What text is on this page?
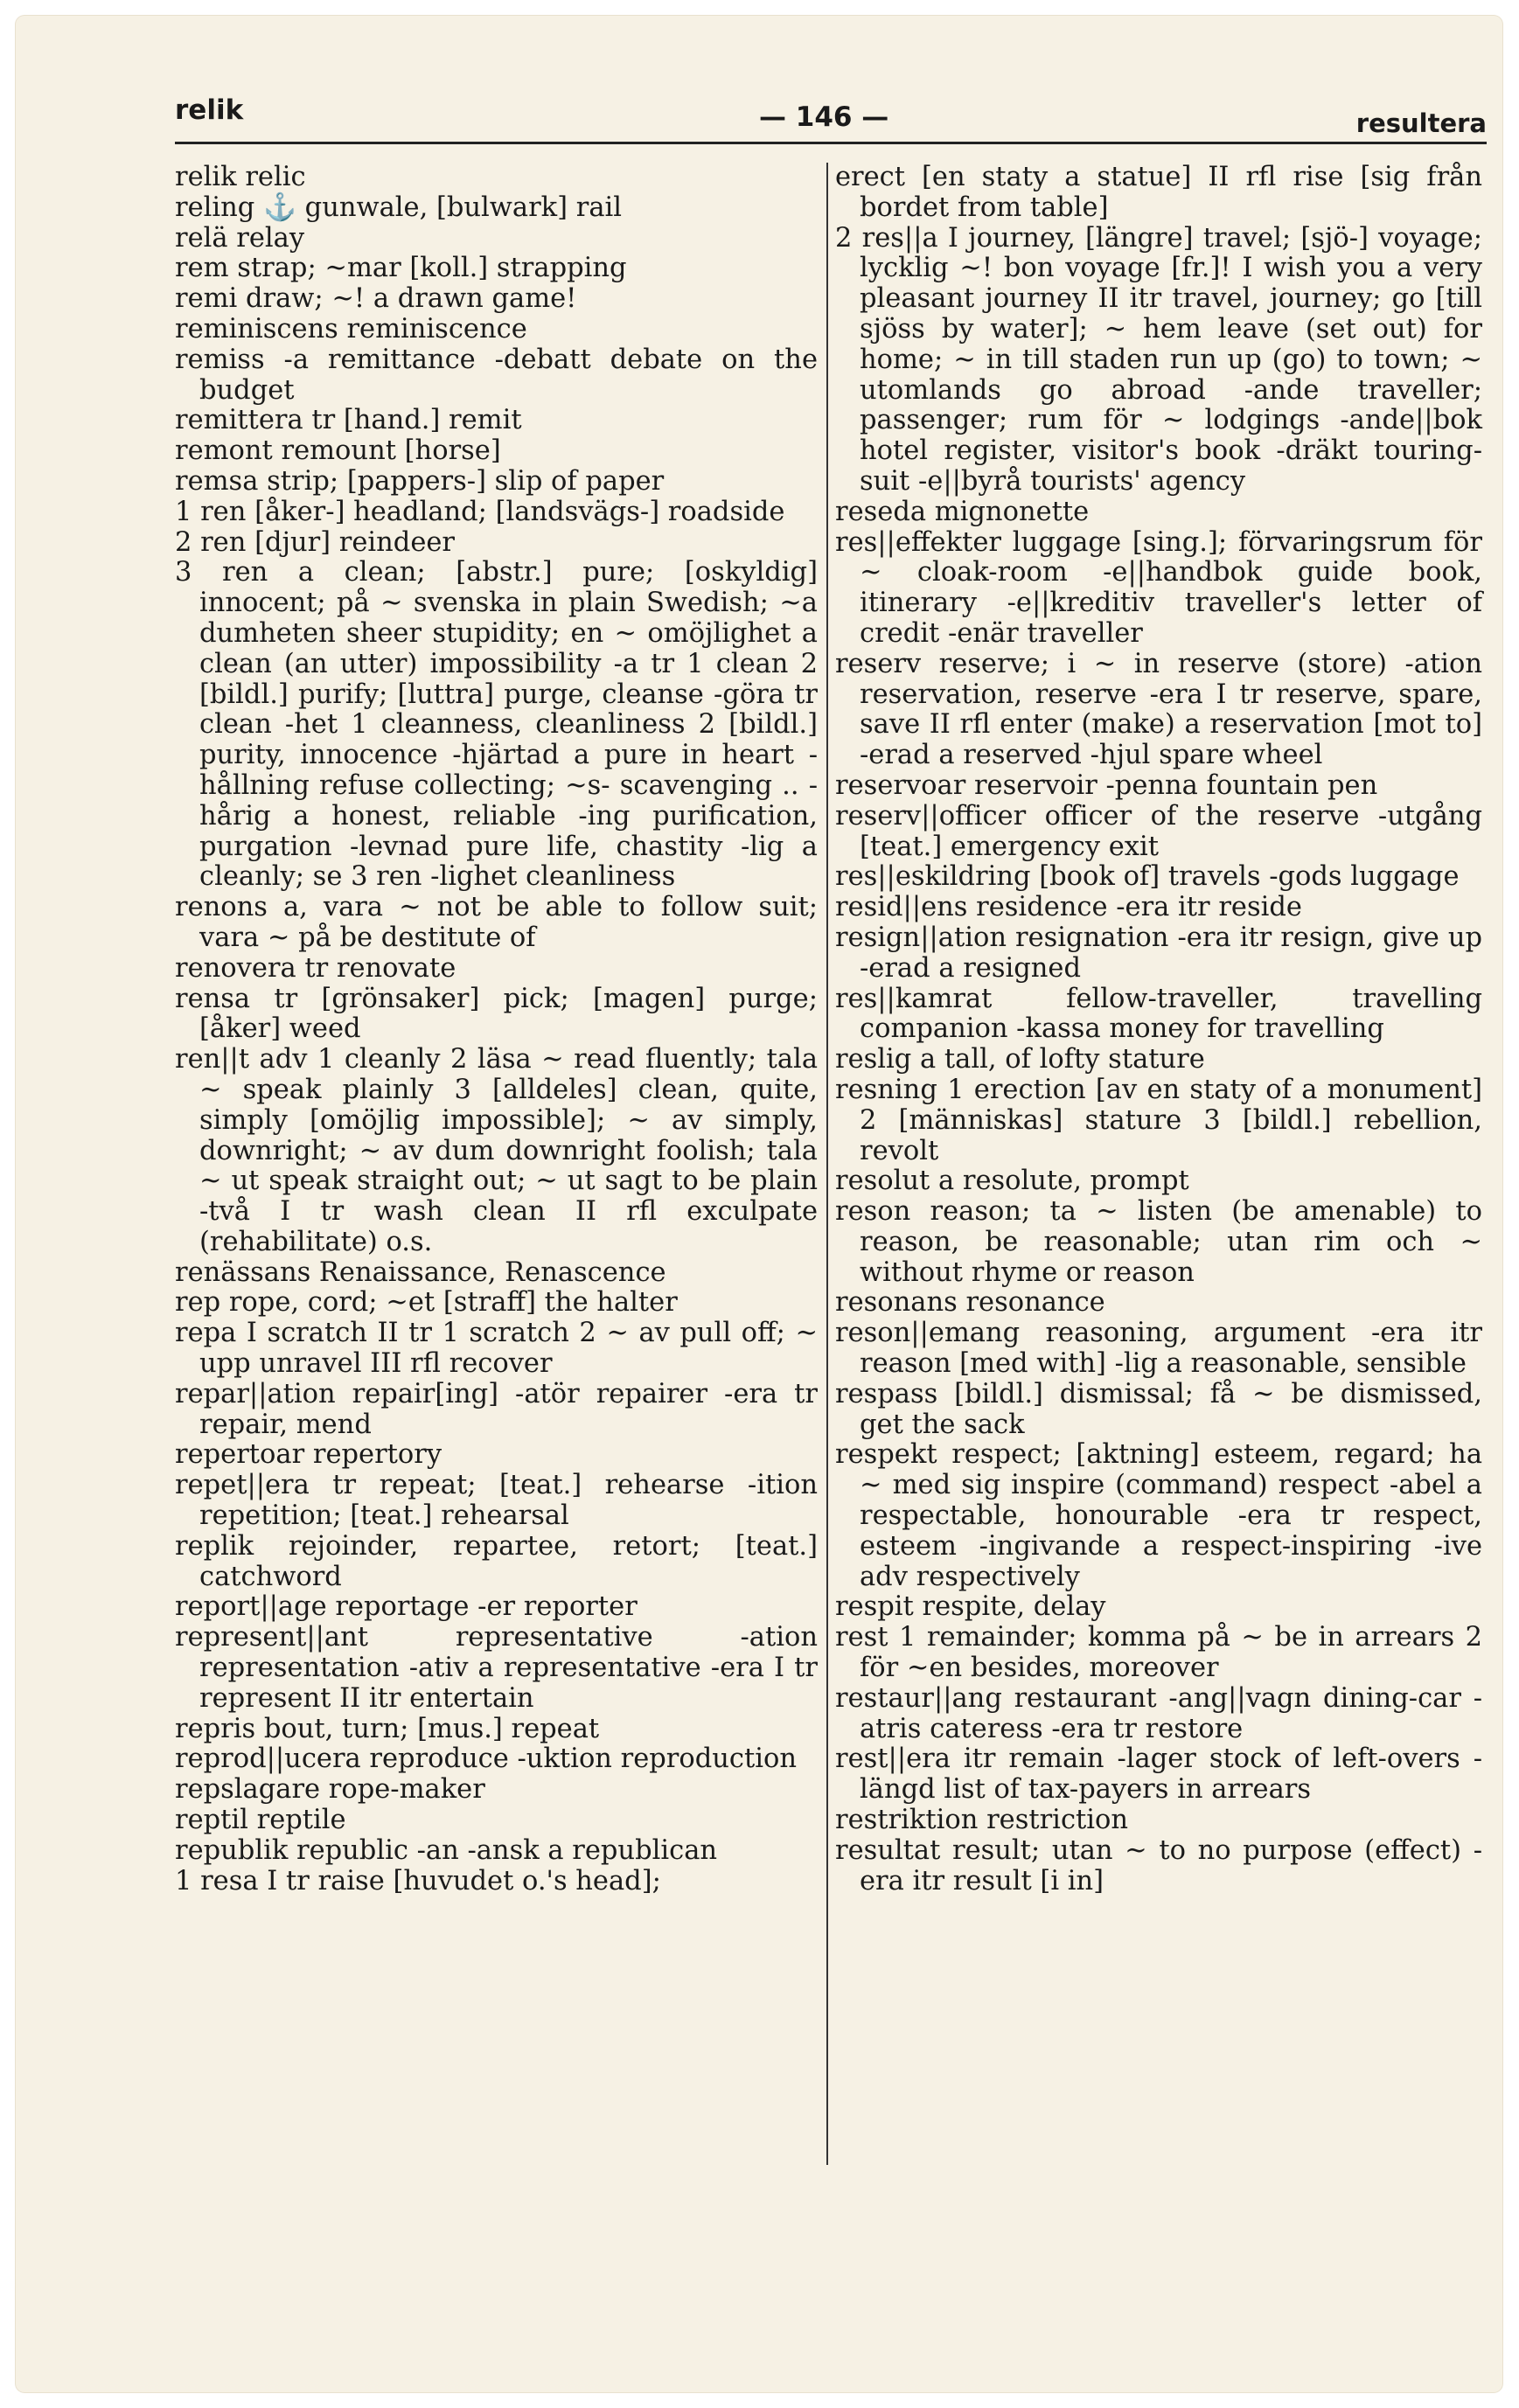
relik	— 146 —	resultera

relik relic

reling ⚓ gunwale, [bulwark] rail

relä relay

rem strap; ~mar [koll.] strapping

remi draw; ~! a drawn game!

reminiscens reminiscence

remiss -a remittance -debatt debate on the budget

remittera tr [hand.] remit

remont remount [horse]

remsa strip; [pappers-] slip of paper

1 ren [åker-] headland; [landsvägs-] roadside

2 ren [djur] reindeer

3 ren a clean; [abstr.] pure; [oskyldig] innocent; på ~ svenska in plain Swedish; ~a dumheten sheer stupidity; en ~ omöjlighet a clean (an utter) impossibility -a tr 1 clean 2 [bildl.] purify; [luttra] purge, cleanse -göra tr clean -het 1 cleanness, cleanliness 2 [bildl.] purity, innocence -hjärtad a pure in heart -hållning refuse collecting; ~s- scavenging .. -hårig a honest, reliable -ing purification, purgation -levnad pure life, chastity -lig a cleanly; se 3 ren -lighet cleanliness

renons a, vara ~ not be able to follow suit; vara ~ på be destitute of

renovera tr renovate

rensa tr [grönsaker] pick; [magen] purge; [åker] weed

ren||t adv 1 cleanly 2 läsa ~ read fluently; tala ~ speak plainly 3 [alldeles] clean, quite, simply [omöjlig impossible]; ~ av simply, downright; ~ av dum downright foolish; tala ~ ut speak straight out; ~ ut sagt to be plain -två I tr wash clean II rfl exculpate (rehabilitate) o.s.

renässans Renaissance, Renascence

rep rope, cord; ~et [straff] the halter

repa I scratch II tr 1 scratch 2 ~ av pull off; ~ upp unravel III rfl recover

repar||ation repair[ing] -atör repairer -era tr repair, mend

repertoar repertory

repet||era tr repeat; [teat.] rehearse -ition repetition; [teat.] rehearsal

replik rejoinder, repartee, retort; [teat.] catchword

report||age reportage -er reporter

represent||ant representative -ation representation -ativ a representative -era I tr represent II itr entertain

repris bout, turn; [mus.] repeat

reprod||ucera reproduce -uktion reproduction

repslagare rope-maker

reptil reptile

republik republic -an -ansk a republican

1 resa I tr raise [huvudet o.'s head];

erect [en staty a statue] II rfl rise [sig från bordet from table]

2 res||a I journey, [längre] travel; [sjö-] voyage; lycklig ~! bon voyage [fr.]! I wish you a very pleasant journey II itr travel, journey; go [till sjöss by water]; ~ hem leave (set out) for home; ~ in till staden run up (go) to town; ~ utomlands go abroad -ande traveller; passenger; rum för ~ lodgings -ande||bok hotel register, visitor's book -dräkt touring-suit -e||byrå tourists' agency

reseda mignonette

res||effekter luggage [sing.]; förvaringsrum för ~ cloak-room -e||handbok guide book, itinerary -e||kreditiv traveller's letter of credit -enär traveller

reserv reserve; i ~ in reserve (store) -ation reservation, reserve -era I tr reserve, spare, save II rfl enter (make) a reservation [mot to] -erad a reserved -hjul spare wheel

reservoar reservoir -penna fountain pen

reserv||officer officer of the reserve -utgång [teat.] emergency exit

res||eskildring [book of] travels -gods luggage

resid||ens residence -era itr reside

resign||ation resignation -era itr resign, give up -erad a resigned

res||kamrat fellow-traveller, travelling companion -kassa money for travelling

reslig a tall, of lofty stature

resning 1 erection [av en staty of a monument] 2 [människas] stature 3 [bildl.] rebellion, revolt

resolut a resolute, prompt

reson reason; ta ~ listen (be amenable) to reason, be reasonable; utan rim och ~ without rhyme or reason

resonans resonance

reson||emang reasoning, argument -era itr reason [med with] -lig a reasonable, sensible

respass [bildl.] dismissal; få ~ be dismissed, get the sack

respekt respect; [aktning] esteem, regard; ha ~ med sig inspire (command) respect -abel a respectable, honourable -era tr respect, esteem -ingivande a respect-inspiring -ive adv respectively

respit respite, delay

rest 1 remainder; komma på ~ be in arrears 2 för ~en besides, moreover

restaur||ang restaurant -ang||vagn dining-car -atris cateress -era tr restore

rest||era itr remain -lager stock of left-overs -längd list of tax-payers in arrears

restriktion restriction

resultat result; utan ~ to no purpose (effect) -era itr result [i in]
